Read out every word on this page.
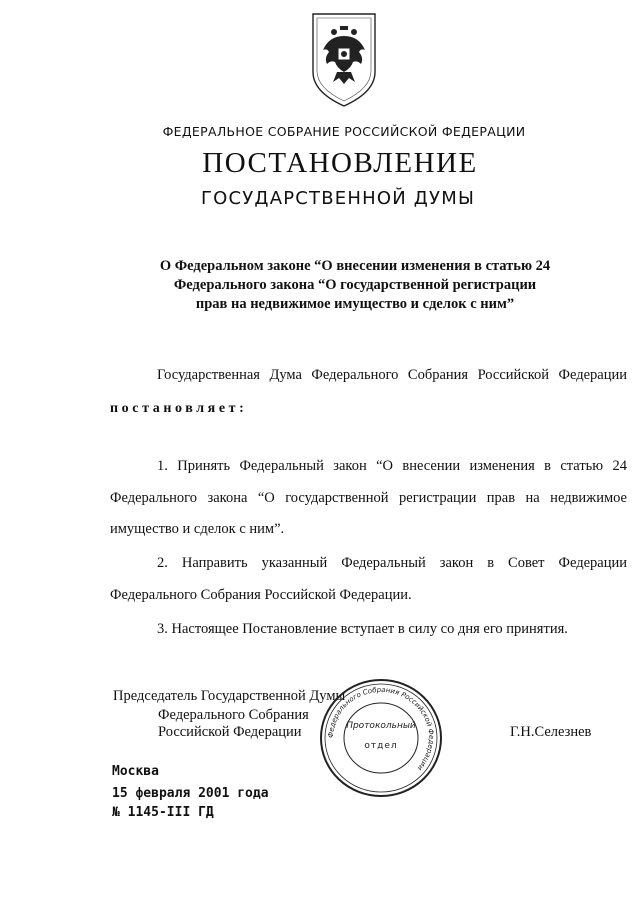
ФЕДЕРАЛЬНОЕ СОБРАНИЕ РОССИЙСКОЙ ФЕДЕРАЦИИ
ПОСТАНОВЛЕНИЕ
ГОСУДАРСТВЕННОЙ ДУМЫ
О Федеральном законе “О внесении изменения в статью 24
Федерального закона “О государственной регистрации
прав на недвижимое имущество и сделок с ним”
Государственная Дума Федерального Собрания Российской Федерации
постановляет:
1. Принять Федеральный закон “О внесении изменения в статью 24
Федерального закона “О государственной регистрации прав на недвижимое
имущество и сделок с ним”.
2. Направить указанный Федеральный закон в Совет Федерации
Федерального Собрания Российской Федерации.
3. Настоящее Постановление вступает в силу со дня его принятия.
Председатель Государственной Думы
Федерального Собрания
Российской Федерации	Г.Н.Селезнев
Федерального Собрания Российской Федерации
Протокольный
отдел
Москва
15 февраля 2001 года
№ 1145-III ГД
